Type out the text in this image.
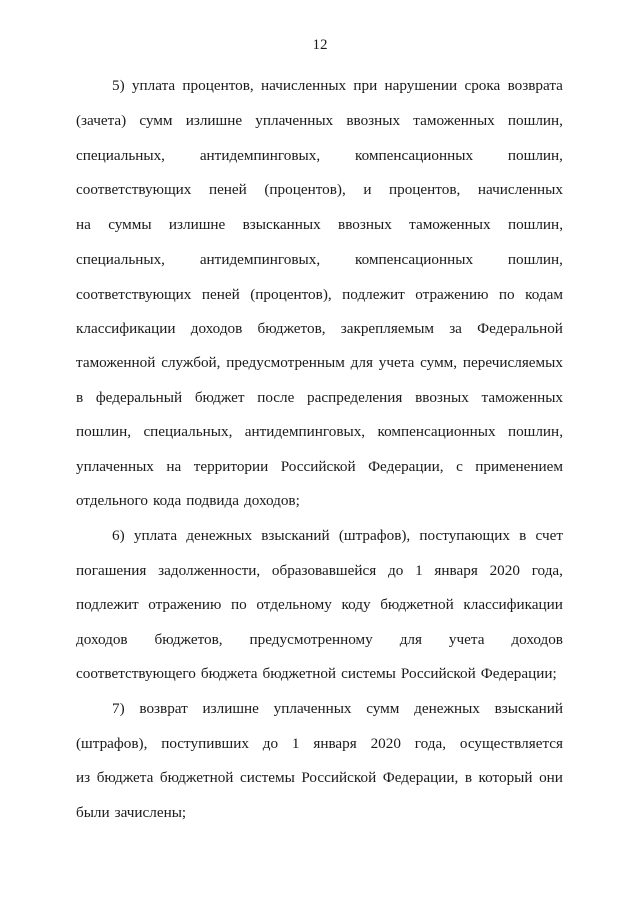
12
5) уплата процентов, начисленных при нарушении срока возврата
(зачета) сумм излишне уплаченных ввозных таможенных пошлин,
специальных, антидемпинговых, компенсационных пошлин,
соответствующих пеней (процентов), и процентов, начисленных
на суммы излишне взысканных ввозных таможенных пошлин,
специальных, антидемпинговых, компенсационных пошлин,
соответствующих пеней (процентов), подлежит отражению по кодам
классификации доходов бюджетов, закрепляемым за Федеральной
таможенной службой, предусмотренным для учета сумм, перечисляемых
в федеральный бюджет после распределения ввозных таможенных
пошлин, специальных, антидемпинговых, компенсационных пошлин,
уплаченных на территории Российской Федерации, с применением
отдельного кода подвида доходов;
6) уплата денежных взысканий (штрафов), поступающих в счет
погашения задолженности, образовавшейся до 1 января 2020 года,
подлежит отражению по отдельному коду бюджетной классификации
доходов бюджетов, предусмотренному для учета доходов
соответствующего бюджета бюджетной системы Российской Федерации;
7) возврат излишне уплаченных сумм денежных взысканий
(штрафов), поступивших до 1 января 2020 года, осуществляется
из бюджета бюджетной системы Российской Федерации, в который они
были зачислены;
